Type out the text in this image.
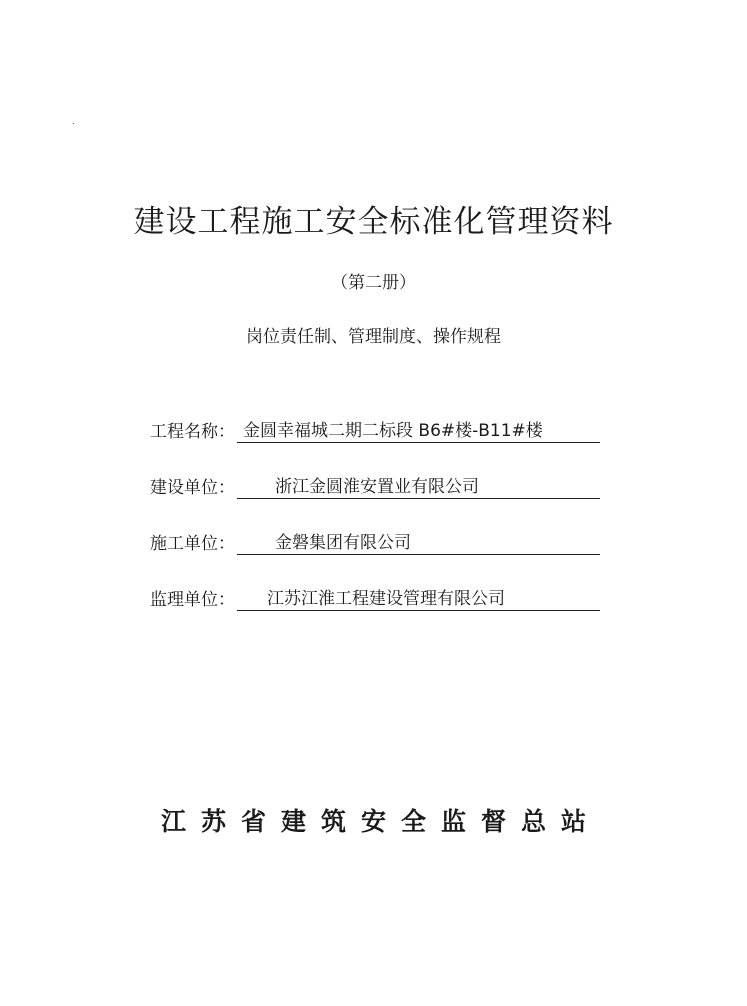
.
建设工程施工安全标准化管理资料
（第二册）
岗位责任制、管理制度、操作规程
工程名称： 金圆幸福城二期二标段 B6#楼-B11#楼
建设单位：	浙江金圆淮安置业有限公司
施工单位：	金磐集团有限公司
监理单位：	江苏江淮工程建设管理有限公司
江苏省建筑安全监督总站
